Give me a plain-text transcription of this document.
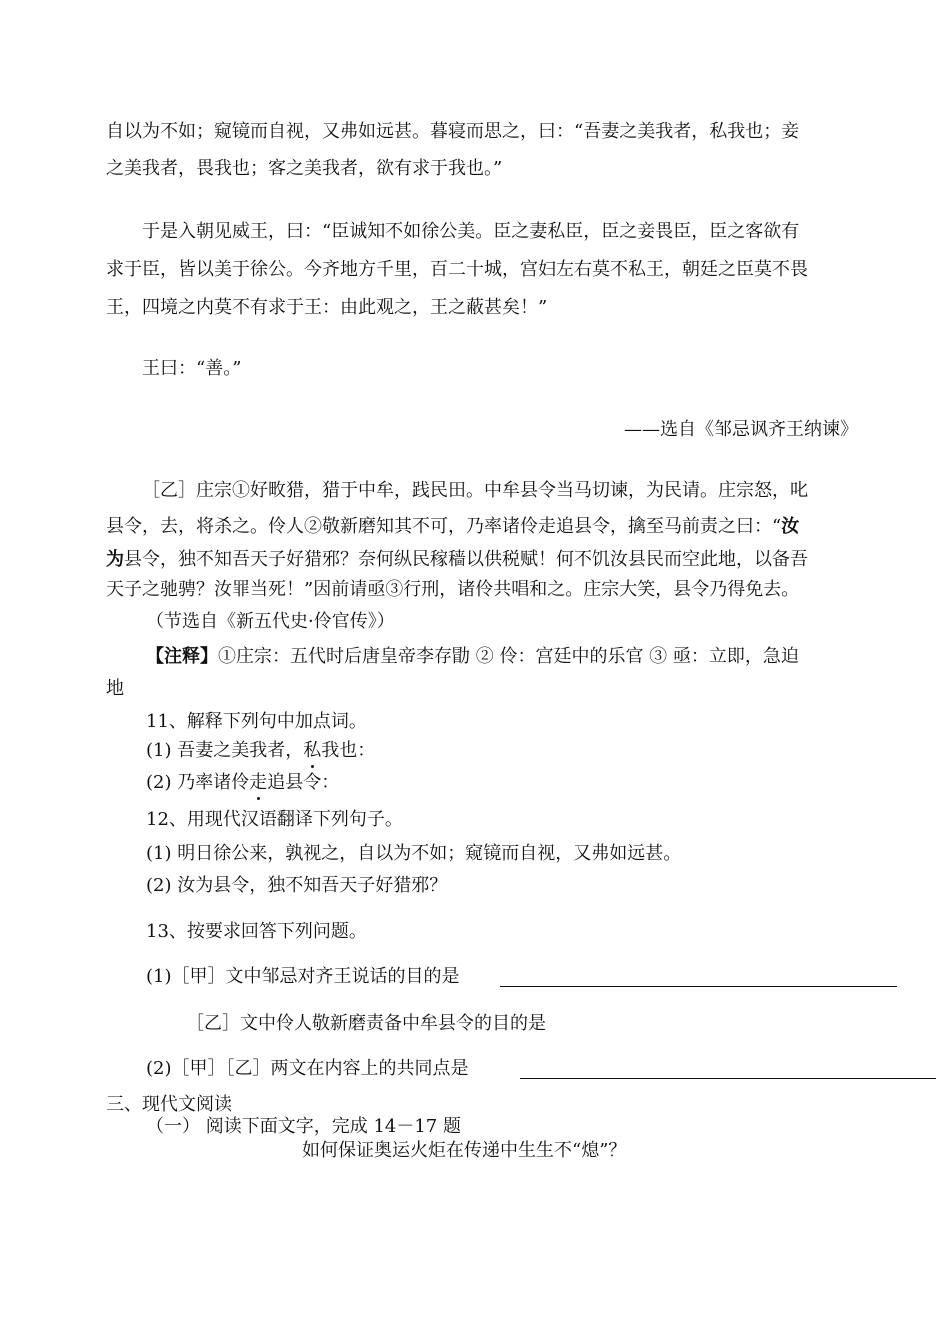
自以为不如；窥镜而自视，又弗如远甚。暮寝而思之，曰：“吾妻之美我者，私我也；妾
之美我者，畏我也；客之美我者，欲有求于我也。”
于是入朝见威王，曰：“臣诚知不如徐公美。臣之妻私臣，臣之妾畏臣，臣之客欲有
求于臣，皆以美于徐公。今齐地方千里，百二十城，宫妇左右莫不私王，朝廷之臣莫不畏
王，四境之内莫不有求于王：由此观之，王之蔽甚矣！”
王曰：“善。”
——选自《邹忌讽齐王纳谏》
［乙］庄宗①好畋猎，猎于中牟，践民田。中牟县令当马切谏，为民请。庄宗怒，叱
县令，去，将杀之。伶人②敬新磨知其不可，乃率诸伶走追县令，擒至马前责之曰：“汝
为县令，独不知吾天子好猎邪？奈何纵民稼穑以供税赋！何不饥汝县民而空此地，以备吾
天子之驰骋？汝罪当死！”因前请亟③行刑，诸伶共唱和之。庄宗大笑，县令乃得免去。
（节选自《新五代史·伶官传》）
【注释】①庄宗：五代时后唐皇帝李存勖 ② 伶：宫廷中的乐官 ③ 亟：立即，急迫
地
11、解释下列句中加点词。
(1) 吾妻之美我者，私我也：
(2) 乃率诸伶走追县令：
12、用现代汉语翻译下列句子。
(1) 明日徐公来，孰视之，自以为不如；窥镜而自视，又弗如远甚。
(2) 汝为县令，独不知吾天子好猎邪？
13、按要求回答下列问题。
(1)［甲］文中邹忌对齐王说话的目的是
［乙］文中伶人敬新磨责备中牟县令的目的是
(2)［甲］［乙］两文在内容上的共同点是
三、现代文阅读
（一） 阅读下面文字，完成 14－17 题
如何保证奥运火炬在传递中生生不“熄”？
